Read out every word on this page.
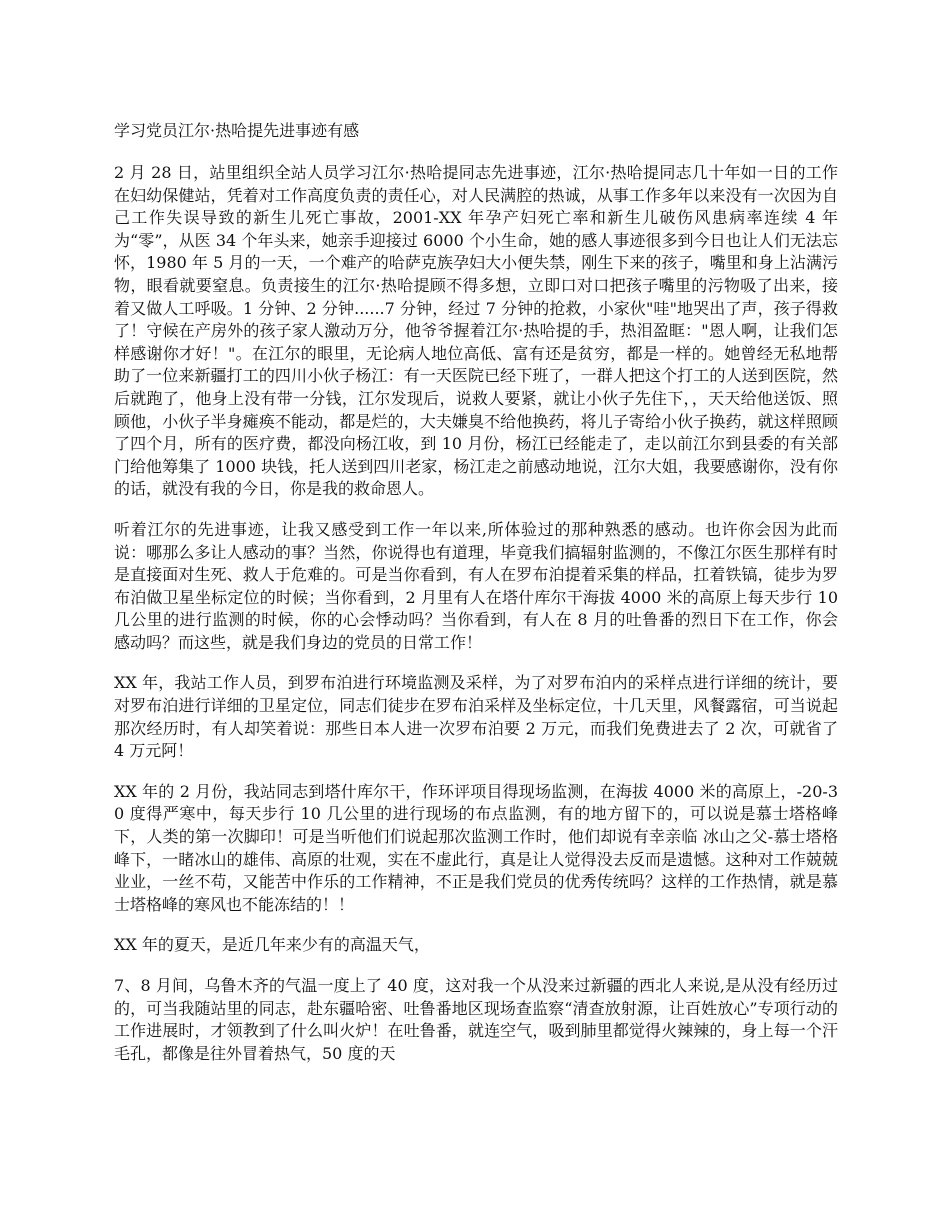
学习党员江尔·热哈提先进事迹有感

2 月 28 日，站里组织全站人员学习江尔·热哈提同志先进事迹，江尔·热哈提同志几十年如一日的工作在妇幼保健站，凭着对工作高度负责的责任心，对人民满腔的热诚，从事工作多年以来没有一次因为自己工作失误导致的新生儿死亡事故，2001-XX 年孕产妇死亡率和新生儿破伤风患病率连续 4 年为“零”，从医 34 个年头来，她亲手迎接过 6000 个小生命，她的感人事迹很多到今日也让人们无法忘怀，1980 年 5 月的一天，一个难产的哈萨克族孕妇大小便失禁，刚生下来的孩子，嘴里和身上沾满污物，眼看就要窒息。负责接生的江尔·热哈提顾不得多想，立即口对口把孩子嘴里的污物吸了出来，接着又做人工呼吸。1 分钟、2 分钟......7 分钟，经过 7 分钟的抢救，小家伙"哇"地哭出了声，孩子得救了！守候在产房外的孩子家人激动万分，他爷爷握着江尔·热哈提的手，热泪盈眶："恩人啊，让我们怎样感谢你才好！"。在江尔的眼里，无论病人地位高低、富有还是贫穷，都是一样的。她曾经无私地帮助了一位来新疆打工的四川小伙子杨江：有一天医院已经下班了，一群人把这个打工的人送到医院，然后就跑了，他身上没有带一分钱，江尔发现后，说救人要紧，就让小伙子先住下，，天天给他送饭、照顾他，小伙子半身瘫痪不能动，都是烂的，大夫嫌臭不给他换药，将儿子寄给小伙子换药，就这样照顾了四个月，所有的医疗费，都没向杨江收，到 10 月份，杨江已经能走了，走以前江尔到县委的有关部门给他筹集了 1000 块钱，托人送到四川老家，杨江走之前感动地说，江尔大姐，我要感谢你，没有你的话，就没有我的今日，你是我的救命恩人。

听着江尔的先进事迹，让我又感受到工作一年以来,所体验过的那种熟悉的感动。也许你会因为此而说：哪那么多让人感动的事？当然，你说得也有道理，毕竟我们搞辐射监测的，不像江尔医生那样有时是直接面对生死、救人于危难的。可是当你看到，有人在罗布泊提着采集的样品，扛着铁镐，徒步为罗布泊做卫星坐标定位的时候；当你看到，2 月里有人在塔什库尔干海拔 4000 米的高原上每天步行 10 几公里的进行监测的时候，你的心会悸动吗？当你看到，有人在 8 月的吐鲁番的烈日下在工作，你会感动吗？而这些，就是我们身边的党员的日常工作！

XX 年，我站工作人员，到罗布泊进行环境监测及采样，为了对罗布泊内的采样点进行详细的统计，要对罗布泊进行详细的卫星定位，同志们徒步在罗布泊采样及坐标定位，十几天里，风餐露宿，可当说起那次经历时，有人却笑着说：那些日本人进一次罗布泊要 2 万元，而我们免费进去了 2 次，可就省了 4 万元阿！

XX 年的 2 月份，我站同志到塔什库尔干，作环评项目得现场监测，在海拔 4000 米的高原上，-20-30 度得严寒中，每天步行 10 几公里的进行现场的布点监测，有的地方留下的，可以说是慕士塔格峰下，人类的第一次脚印！可是当听他们们说起那次监测工作时，他们却说有幸亲临 冰山之父-慕士塔格峰下，一睹冰山的雄伟、高原的壮观，实在不虚此行，真是让人觉得没去反而是遗憾。这种对工作兢兢业业，一丝不苟，又能苦中作乐的工作精神，不正是我们党员的优秀传统吗？这样的工作热情，就是慕士塔格峰的寒风也不能冻结的！！

XX 年的夏天，是近几年来少有的高温天气，

7、8 月间，乌鲁木齐的气温一度上了 40 度，这对我一个从没来过新疆的西北人来说,是从没有经历过的，可当我随站里的同志，赴东疆哈密、吐鲁番地区现场查监察“清查放射源，让百姓放心”专项行动的工作进展时，才领教到了什么叫火炉！在吐鲁番，就连空气，吸到肺里都觉得火辣辣的，身上每一个汗毛孔，都像是往外冒着热气，50 度的天
